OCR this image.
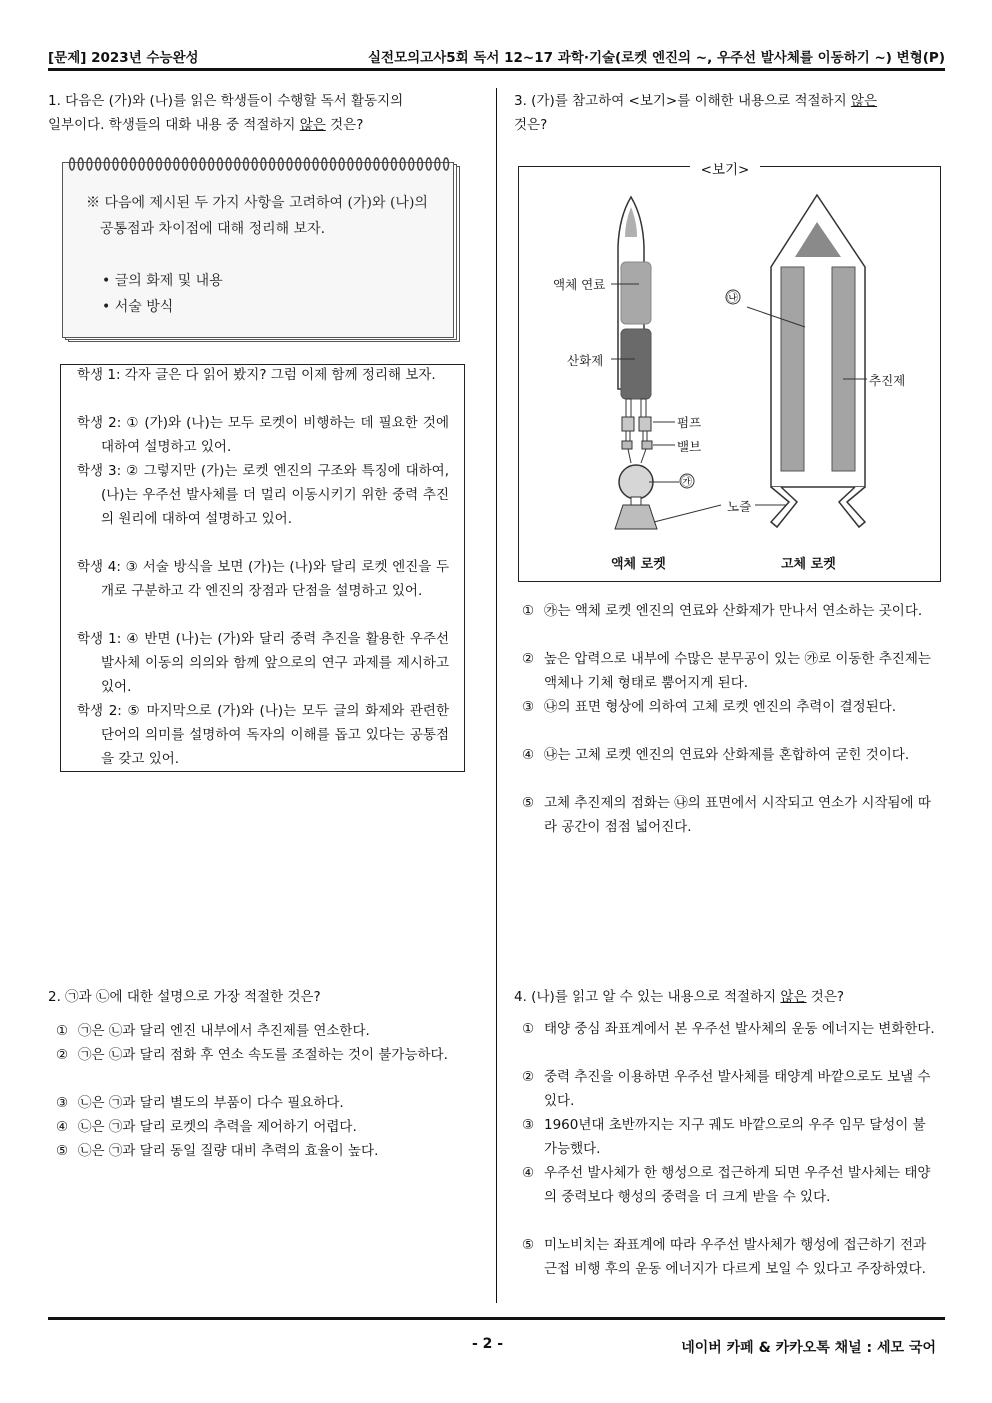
[문제] 2023년 수능완성	실전모의고사5회 독서 12~17 과학·기술(로켓 엔진의 ~, 우주선 발사체를 이동하기 ~) 변형(P)
1. 다음은 (가)와 (나)를 읽은 학생들이 수행할 독서 활동지의
일부이다. 학생들의 대화 내용 중 적절하지 않은 것은?
※ 다음에 제시된 두 가지 사항을 고려하여 (가)와 (나)의
공통점과 차이점에 대해 정리해 보자.
• 글의 화제 및 내용
• 서술 방식
학생 1: 각자 글은 다 읽어 봤지? 그럼 이제 함께 정리해 보자.
학생 2: ① (가)와 (나)는 모두 로켓이 비행하는 데 필요한 것에 대하여 설명하고 있어.
학생 3: ② 그렇지만 (가)는 로켓 엔진의 구조와 특징에 대하여, (나)는 우주선 발사체를 더 멀리 이동시키기 위한 중력 추진의 원리에 대하여 설명하고 있어.
학생 4: ③ 서술 방식을 보면 (가)는 (나)와 달리 로켓 엔진을 두 개로 구분하고 각 엔진의 장점과 단점을 설명하고 있어.
학생 1: ④ 반면 (나)는 (가)와 달리 중력 추진을 활용한 우주선 발사체 이동의 의의와 함께 앞으로의 연구 과제를 제시하고 있어.
학생 2: ⑤ 마지막으로 (가)와 (나)는 모두 글의 화제와 관련한 단어의 의미를 설명하여 독자의 이해를 돕고 있다는 공통점을 갖고 있어.
2. ㉠과 ㉡에 대한 설명으로 가장 적절한 것은?
① ㉠은 ㉡과 달리 엔진 내부에서 추진제를 연소한다.
② ㉠은 ㉡과 달리 점화 후 연소 속도를 조절하는 것이 불가능하다.
③ ㉡은 ㉠과 달리 별도의 부품이 다수 필요하다.
④ ㉡은 ㉠과 달리 로켓의 추력을 제어하기 어렵다.
⑤ ㉡은 ㉠과 달리 동일 질량 대비 추력의 효율이 높다.
3. (가)를 참고하여 <보기>를 이해한 내용으로 적절하지 않은
것은?
액체 연료
산화제
펌프
밸브
㉮
㉯
노즐
추진제
액체 로켓	고체 로켓
<보기>
① ㉮는 액체 로켓 엔진의 연료와 산화제가 만나서 연소하는 곳이다.
② 높은 압력으로 내부에 수많은 분무공이 있는 ㉮로 이동한 추진제는 액체나 기체 형태로 뿜어지게 된다.
③ ㉯의 표면 형상에 의하여 고체 로켓 엔진의 추력이 결정된다.
④ ㉯는 고체 로켓 엔진의 연료와 산화제를 혼합하여 굳힌 것이다.
⑤ 고체 추진제의 점화는 ㉯의 표면에서 시작되고 연소가 시작됨에 따라 공간이 점점 넓어진다.
4. (나)를 읽고 알 수 있는 내용으로 적절하지 않은 것은?
① 태양 중심 좌표계에서 본 우주선 발사체의 운동 에너지는 변화한다.
② 중력 추진을 이용하면 우주선 발사체를 태양계 바깥으로도 보낼 수 있다.
③ 1960년대 초반까지는 지구 궤도 바깥으로의 우주 임무 달성이 불가능했다.
④ 우주선 발사체가 한 행성으로 접근하게 되면 우주선 발사체는 태양의 중력보다 행성의 중력을 더 크게 받을 수 있다.
⑤ 미노비치는 좌표계에 따라 우주선 발사체가 행성에 접근하기 전과 근접 비행 후의 운동 에너지가 다르게 보일 수 있다고 주장하였다.
- 2 -	네이버 카페 & 카카오톡 채널 : 세모 국어
